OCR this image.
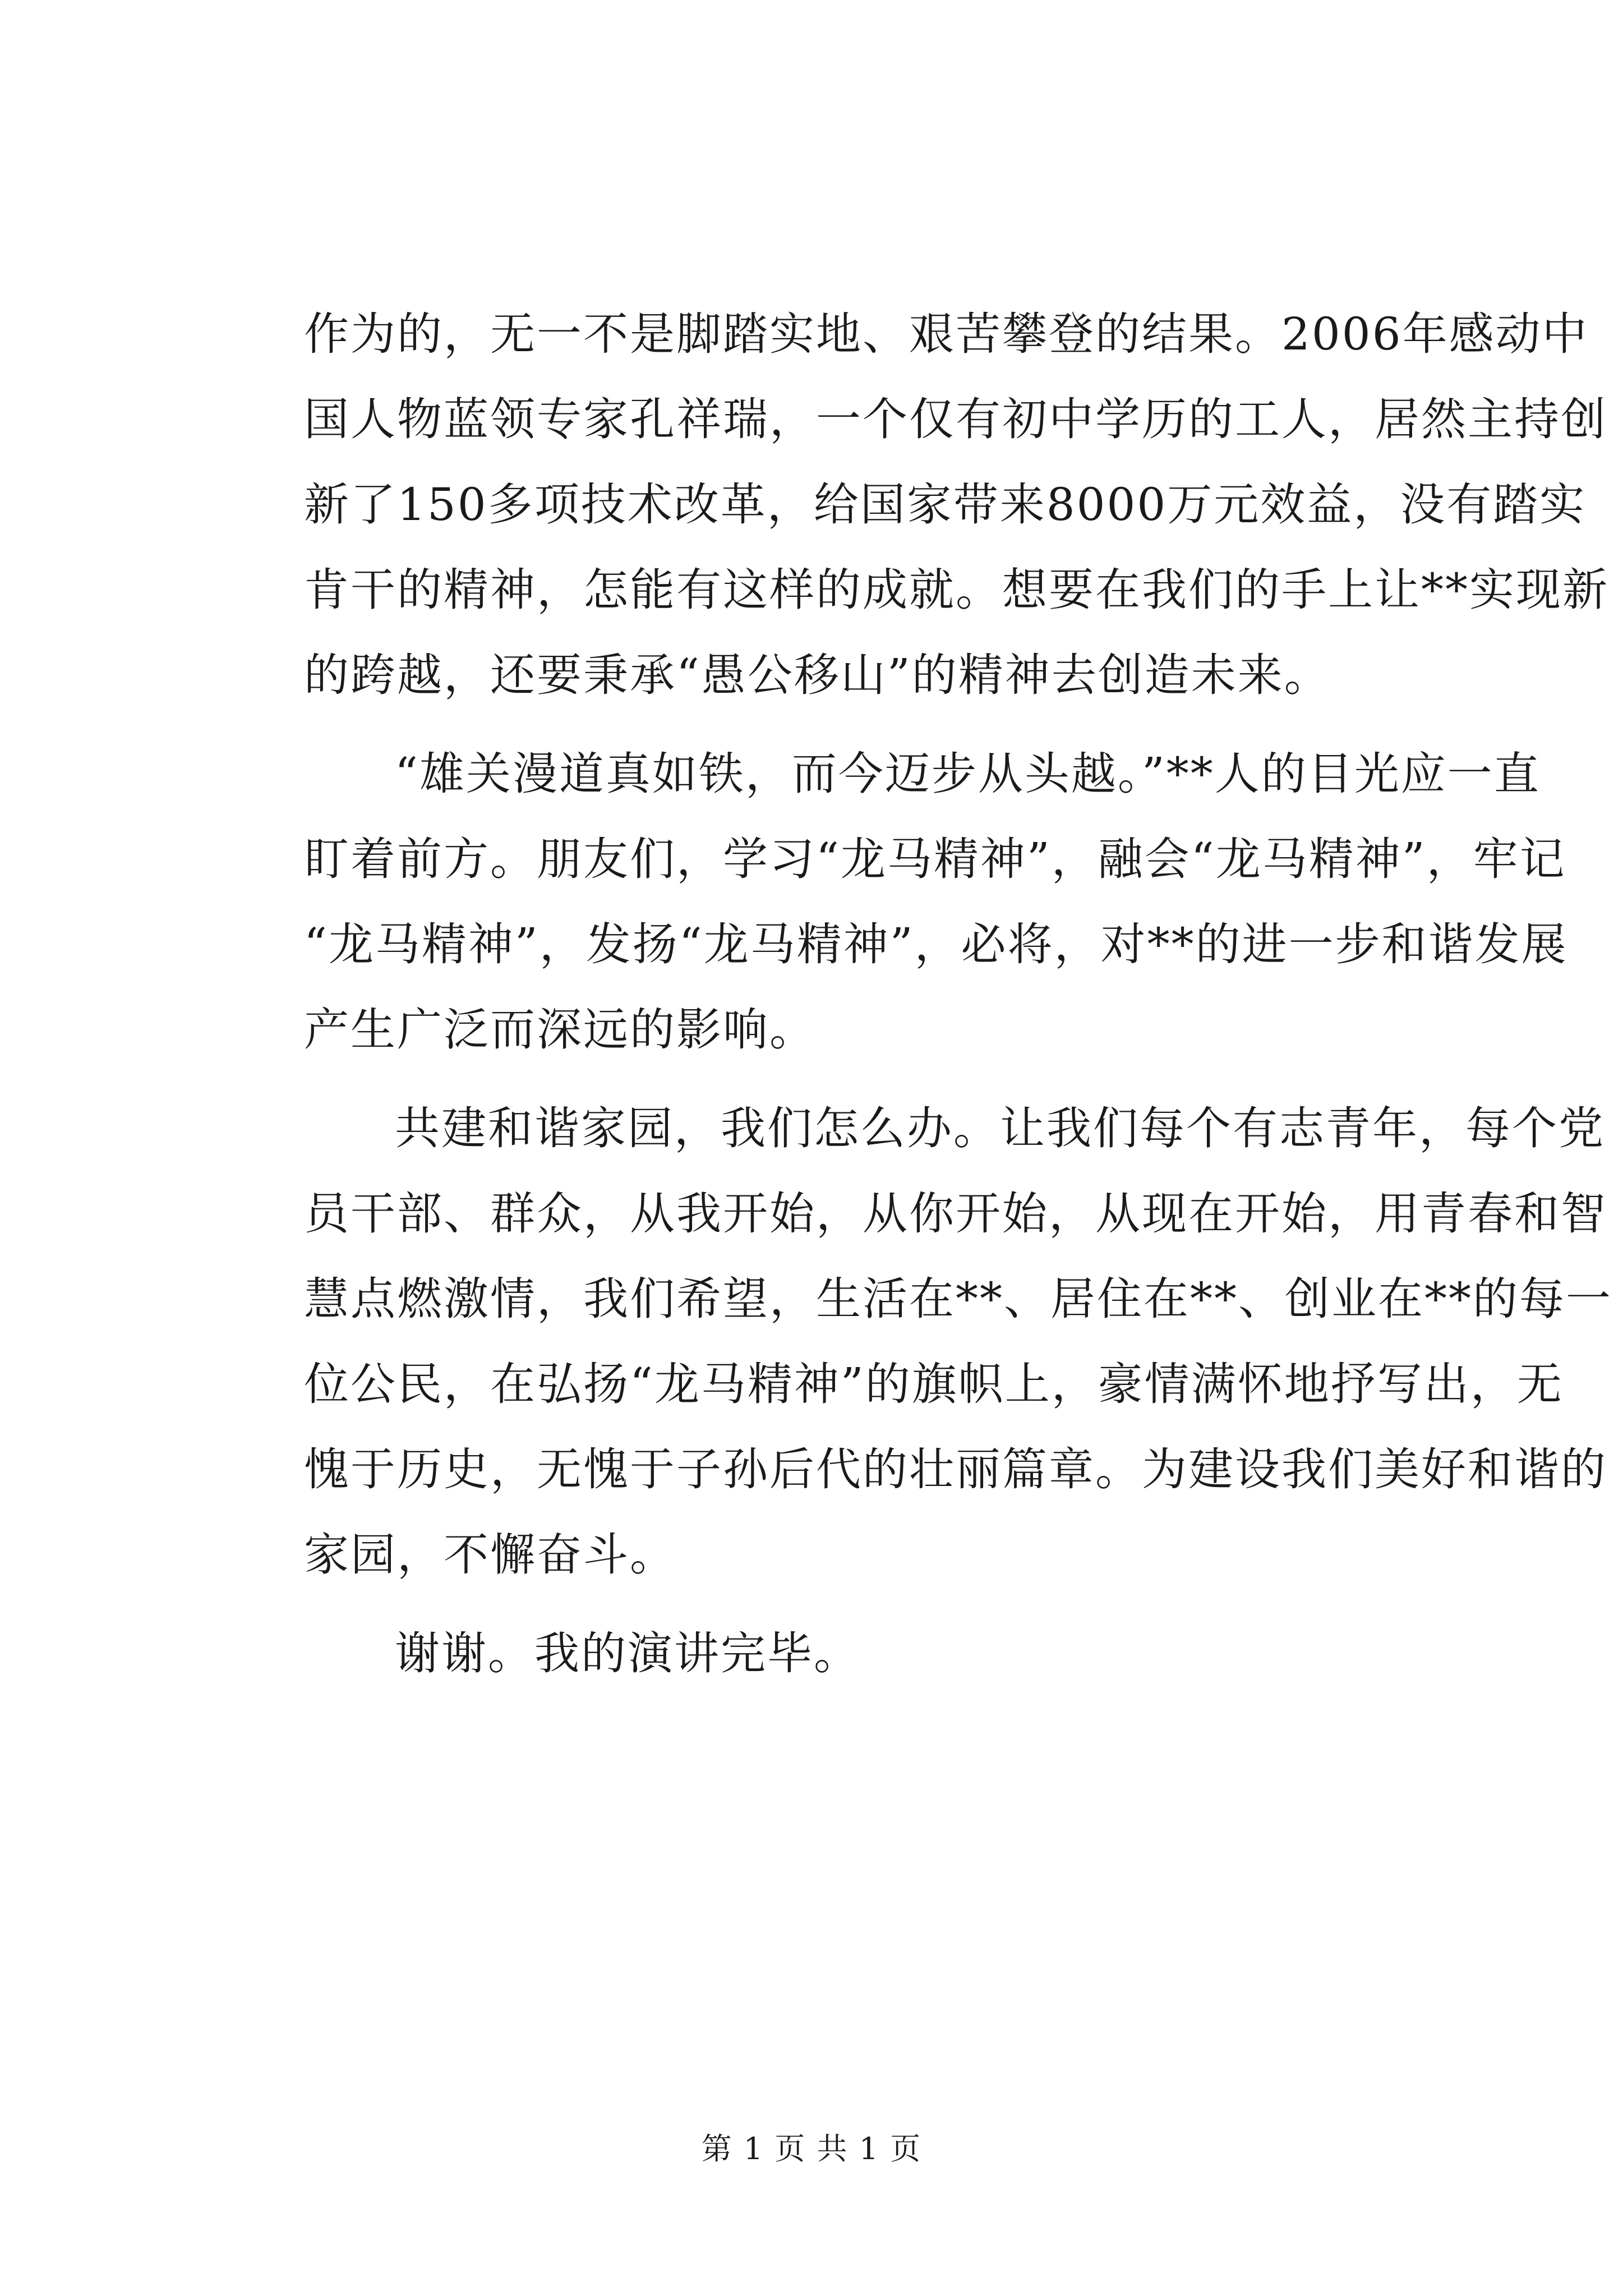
作为的，无一不是脚踏实地、艰苦攀登的结果。2006年感动中
国人物蓝领专家孔祥瑞，一个仅有初中学历的工人，居然主持创
新了150多项技术改革，给国家带来8000万元效益，没有踏实
肯干的精神，怎能有这样的成就。想要在我们的手上让**实现新
的跨越，还要秉承“愚公移山”的精神去创造未来。
“雄关漫道真如铁，而今迈步从头越。”**人的目光应一直
盯着前方。朋友们，学习“龙马精神”，融会“龙马精神”，牢记
“龙马精神”，发扬“龙马精神”，必将，对**的进一步和谐发展
产生广泛而深远的影响。
共建和谐家园，我们怎么办。让我们每个有志青年，每个党
员干部、群众，从我开始，从你开始，从现在开始，用青春和智
慧点燃激情，我们希望，生活在**、居住在**、创业在**的每一
位公民，在弘扬“龙马精神”的旗帜上，豪情满怀地抒写出，无
愧于历史，无愧于子孙后代的壮丽篇章。为建设我们美好和谐的
家园，不懈奋斗。
谢谢。我的演讲完毕。
第 1 页 共 1 页
